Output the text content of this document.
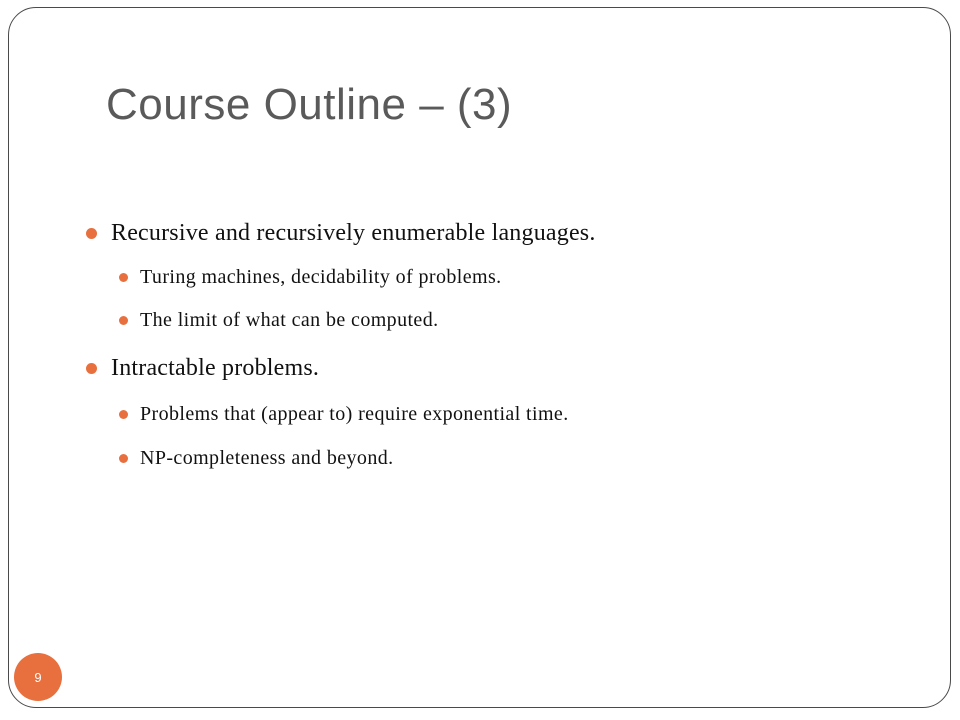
Course Outline – (3)
Recursive and recursively enumerable languages.
Turing machines, decidability of problems.
The limit of what can be computed.
Intractable problems.
Problems that (appear to) require exponential time.
NP-completeness and beyond.
9
